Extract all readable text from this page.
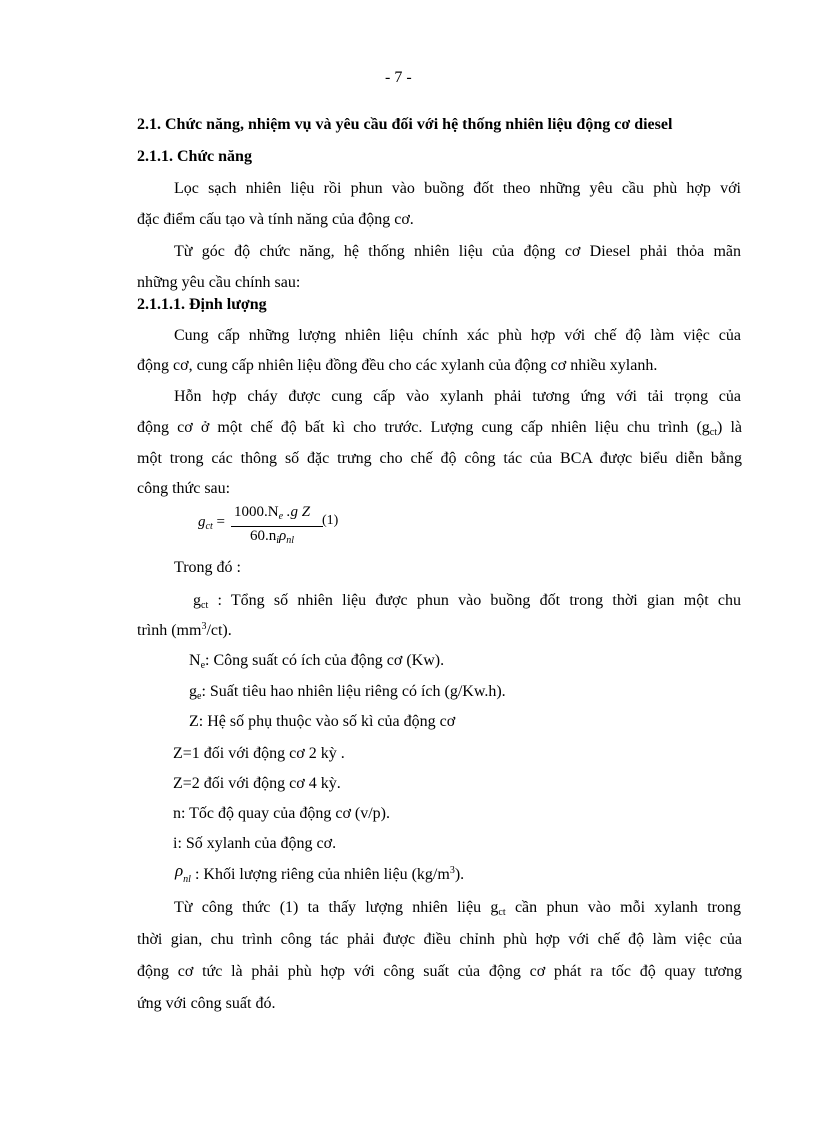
- 7 -
2.1. Chức năng, nhiệm vụ và yêu cầu đối với hệ thống nhiên liệu động cơ diesel
2.1.1. Chức năng
Lọc sạch nhiên liệu rồi phun vào buồng đốt theo những yêu cầu phù hợp với
đặc điểm cấu tạo và tính năng của động cơ.
Từ góc độ chức năng, hệ thống nhiên liệu của động cơ Diesel phải thỏa mãn
những yêu cầu chính sau:
2.1.1.1. Định lượng
Cung cấp những lượng nhiên liệu chính xác phù hợp với chế độ làm việc của
động cơ, cung cấp nhiên liệu đồng đều cho các xylanh của động cơ nhiều xylanh.
Hỗn hợp cháy được cung cấp vào xylanh phải tương ứng với tải trọng của
động cơ ở một chế độ bất kì cho trước. Lượng cung cấp nhiên liệu chu trình $(g_{ct})$ là
một trong các thông số đặc trưng cho chế độ công tác của BCA được biểu diễn bằng
công thức sau:
$g_{ct}$ =
$1000.N_e$ .g Z
$60.n_i\rho_{nl}$
(1)
Trong đó :
$g_{ct}$ : Tổng số nhiên liệu được phun vào buồng đốt trong thời gian một chu
trình $(mm^3/ct)$.
$N_e$: Công suất có ích của động cơ (Kw).
$g_e$: Suất tiêu hao nhiên liệu riêng có ích (g/Kw.h).
Z: Hệ số phụ thuộc vào số kì của động cơ
Z=1 đối với động cơ 2 kỳ .
Z=2 đối với động cơ 4 kỳ.
n: Tốc độ quay của động cơ (v/p).
i: Số xylanh của động cơ.
$\rho_{nl}$ : Khối lượng riêng của nhiên liệu $(kg/m^3)$.
Từ công thức (1) ta thấy lượng nhiên liệu $g_{ct}$ cần phun vào mỗi xylanh trong
thời gian, chu trình công tác phải được điều chỉnh phù hợp với chế độ làm việc của
động cơ tức là phải phù hợp với công suất của động cơ phát ra tốc độ quay tương
ứng với công suất đó.
